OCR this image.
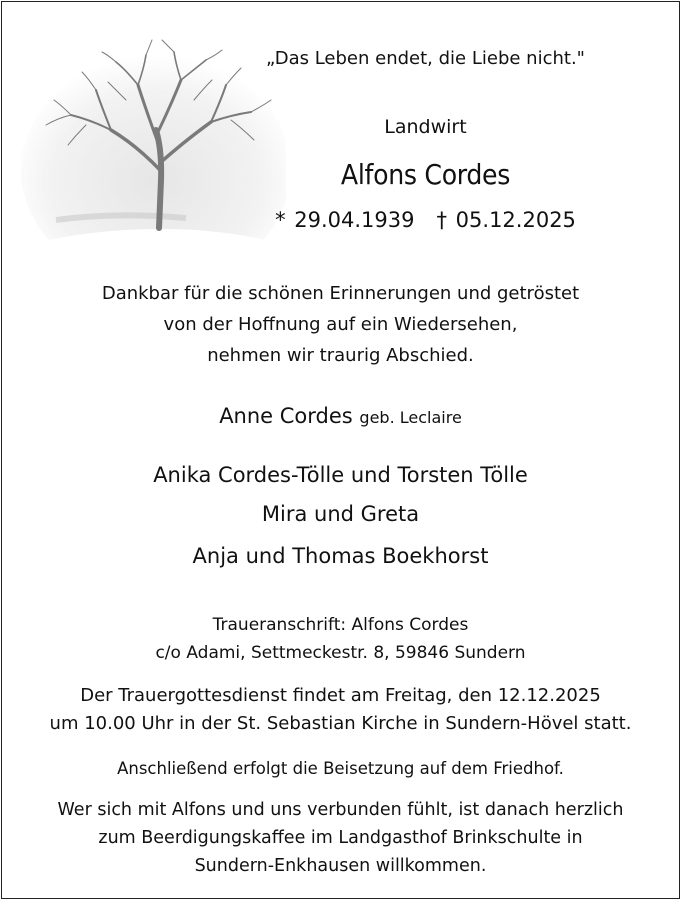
„Das Leben endet, die Liebe nicht."
Landwirt
Alfons Cordes
* 29.04.1939 † 05.12.2025
Dankbar für die schönen Erinnerungen und getröstet
von der Hoffnung auf ein Wiedersehen,
nehmen wir traurig Abschied.
Anne Cordes geb. Leclaire
Anika Cordes-Tölle und Torsten Tölle
Mira und Greta
Anja und Thomas Boekhorst
Traueranschrift: Alfons Cordes
c/o Adami, Settmeckestr. 8, 59846 Sundern
Der Trauergottesdienst findet am Freitag, den 12.12.2025
um 10.00 Uhr in der St. Sebastian Kirche in Sundern-Hövel statt.
Anschließend erfolgt die Beisetzung auf dem Friedhof.
Wer sich mit Alfons und uns verbunden fühlt, ist danach herzlich
zum Beerdigungskaffee im Landgasthof Brinkschulte in
Sundern-Enkhausen willkommen.
